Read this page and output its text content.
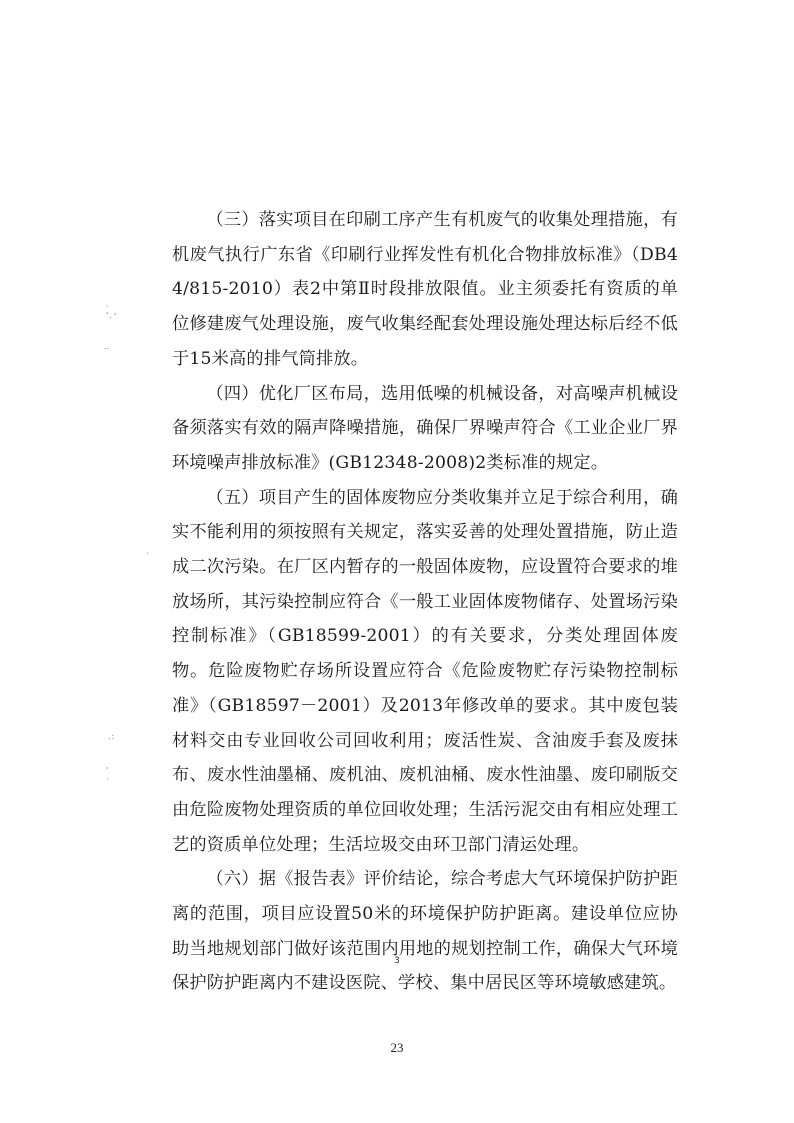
· '. '
‥
·
.:
' ·

（三）落实项目在印刷工序产生有机废气的收集处理措施，有机废气执行广东省《印刷行业挥发性有机化合物排放标准》（DB44/815-2010）表2中第Ⅱ时段排放限值。业主须委托有资质的单位修建废气处理设施，废气收集经配套处理设施处理达标后经不低于15米高的排气筒排放。

（四）优化厂区布局，选用低噪的机械设备，对高噪声机械设备须落实有效的隔声降噪措施，确保厂界噪声符合《工业企业厂界环境噪声排放标准》(GB12348-2008)2类标准的规定。

（五）项目产生的固体废物应分类收集并立足于综合利用，确实不能利用的须按照有关规定，落实妥善的处理处置措施，防止造成二次污染。在厂区内暂存的一般固体废物，应设置符合要求的堆放场所，其污染控制应符合《一般工业固体废物储存、处置场污染控制标准》（GB18599-2001）的有关要求，分类处理固体废物。危险废物贮存场所设置应符合《危险废物贮存污染物控制标准》（GB18597－2001）及2013年修改单的要求。其中废包装材料交由专业回收公司回收利用；废活性炭、含油废手套及废抹布、废水性油墨桶、废机油、废机油桶、废水性油墨、废印刷版交由危险废物处理资质的单位回收处理；生活污泥交由有相应处理工艺的资质单位处理；生活垃圾交由环卫部门清运处理。

（六）据《报告表》评价结论，综合考虑大气环境保护防护距离的范围，项目应设置50米的环境保护防护距离。建设单位应协助当地规划部门做好该范围内用地的规划控制工作，确保大气环境保护防护距离内不建设医院、学校、集中居民区等环境敏感建筑。

3
23
